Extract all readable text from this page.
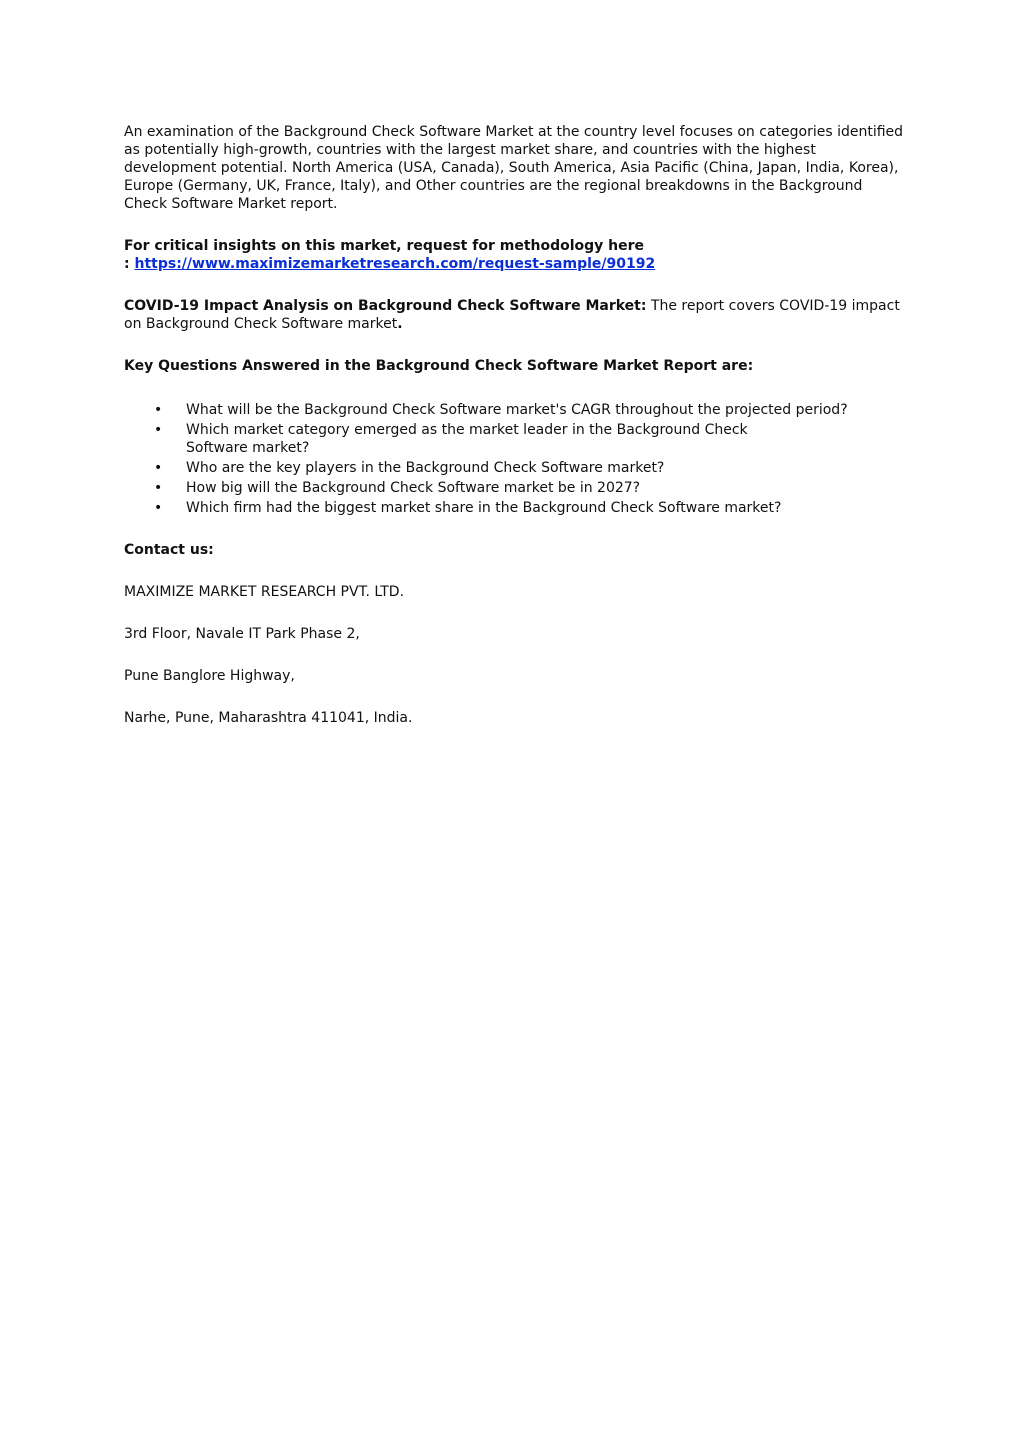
An examination of the Background Check Software Market at the country level focuses on categories identified as potentially high-growth, countries with the largest market share, and countries with the highest development potential. North America (USA, Canada), South America, Asia Pacific (China, Japan, India, Korea), Europe (Germany, UK, France, Italy), and Other countries are the regional breakdowns in the Background Check Software Market report.

For critical insights on this market, request for methodology here
: https://www.maximizemarketresearch.com/request-sample/90192

COVID-19 Impact Analysis on Background Check Software Market: The report covers COVID-19 impact on Background Check Software market.

Key Questions Answered in the Background Check Software Market Report are:

• What will be the Background Check Software market's CAGR throughout the projected period?
• Which market category emerged as the market leader in the Background Check Software market?
• Who are the key players in the Background Check Software market?
• How big will the Background Check Software market be in 2027?
• Which firm had the biggest market share in the Background Check Software market?

Contact us:

MAXIMIZE MARKET RESEARCH PVT. LTD.

3rd Floor, Navale IT Park Phase 2,

Pune Banglore Highway,

Narhe, Pune, Maharashtra 411041, India.
